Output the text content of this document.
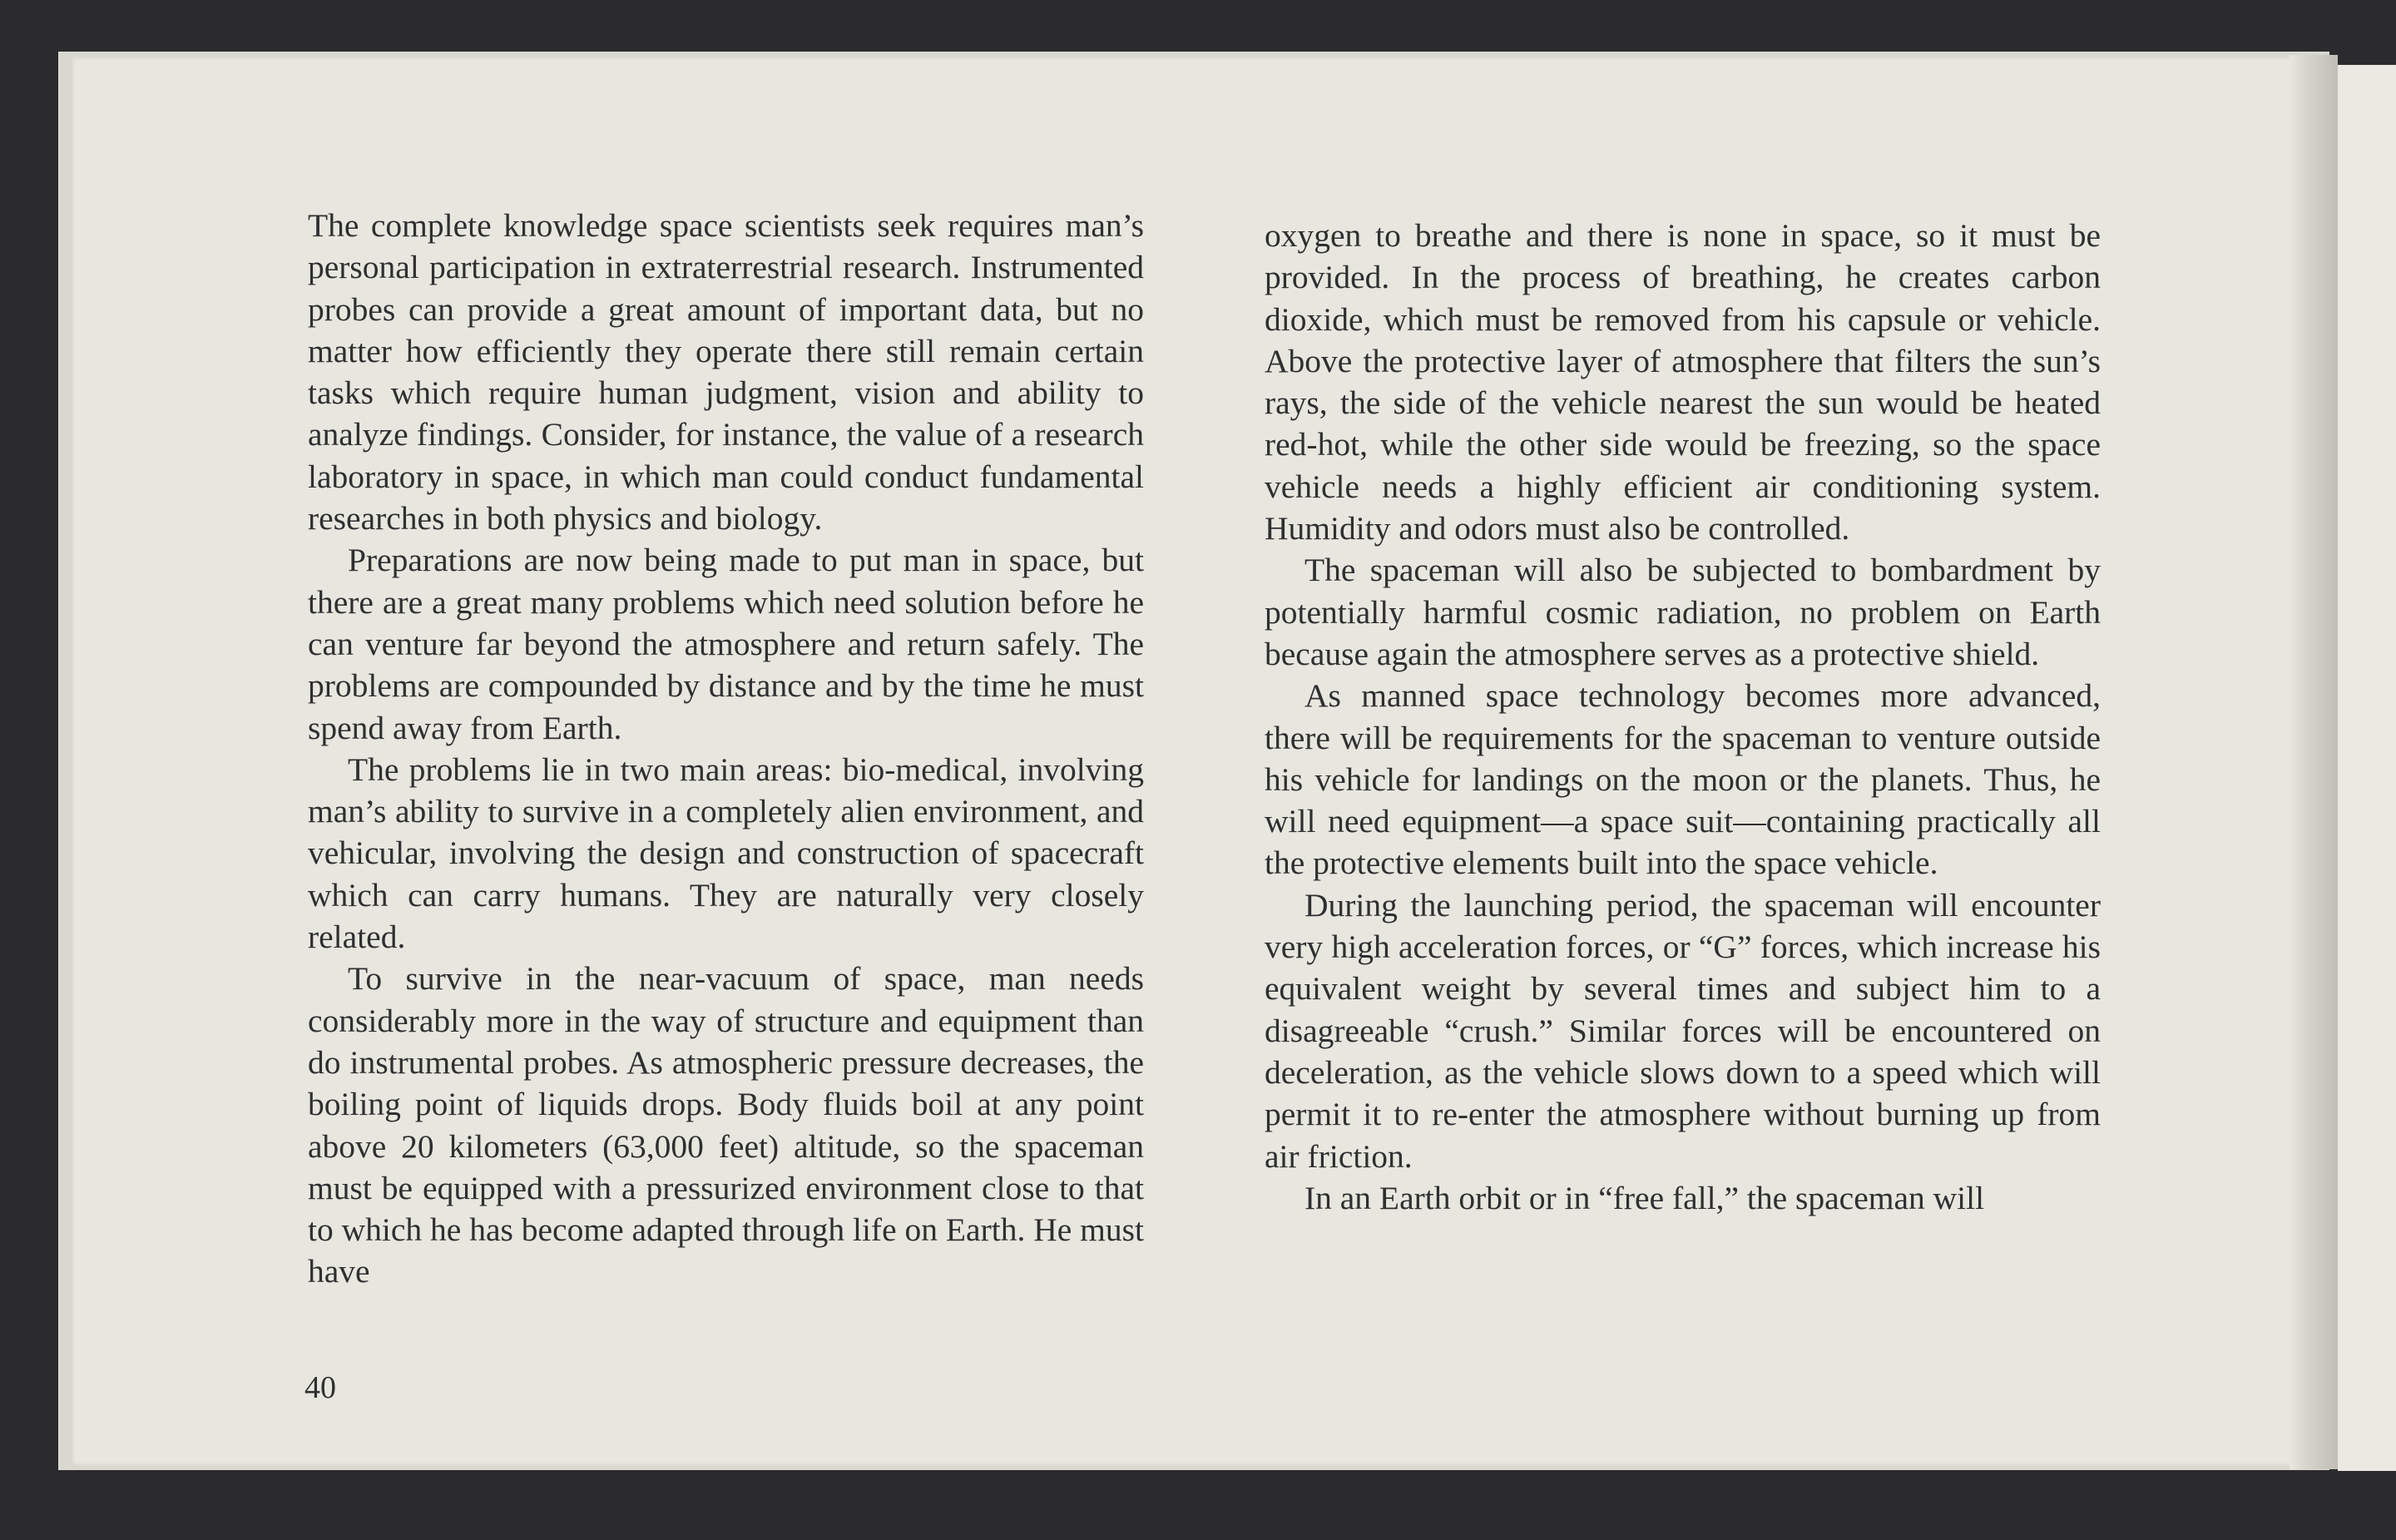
The complete knowledge space scientists seek requires man’s personal participation in extraterrestrial research. Instrumented probes can provide a great amount of important data, but no matter how efficiently they operate there still remain certain tasks which require human judgment, vision and ability to analyze findings. Consider, for instance, the value of a research laboratory in space, in which man could conduct fundamental researches in both physics and biology.

Preparations are now being made to put man in space, but there are a great many problems which need solution before he can venture far beyond the atmosphere and return safely. The problems are compounded by distance and by the time he must spend away from Earth.

The problems lie in two main areas: bio-medical, involving man’s ability to survive in a completely alien environment, and vehicular, involving the design and construction of spacecraft which can carry humans. They are naturally very closely related.

To survive in the near-vacuum of space, man needs considerably more in the way of structure and equipment than do instrumental probes. As atmospheric pressure decreases, the boiling point of liquids drops. Body fluids boil at any point above 20 kilometers (63,000 feet) altitude, so the spaceman must be equipped with a pressurized environment close to that to which he has become adapted through life on Earth. He must have

oxygen to breathe and there is none in space, so it must be provided. In the process of breathing, he creates carbon dioxide, which must be removed from his capsule or vehicle. Above the protective layer of atmosphere that filters the sun’s rays, the side of the vehicle nearest the sun would be heated red-hot, while the other side would be freezing, so the space vehicle needs a highly efficient air conditioning system. Humidity and odors must also be controlled.

The spaceman will also be subjected to bombardment by potentially harmful cosmic radiation, no problem on Earth because again the atmosphere serves as a protective shield.

As manned space technology becomes more advanced, there will be requirements for the spaceman to venture outside his vehicle for landings on the moon or the planets. Thus, he will need equipment—a space suit—containing practically all the protective elements built into the space vehicle.

During the launching period, the spaceman will encounter very high acceleration forces, or “G” forces, which increase his equivalent weight by several times and subject him to a disagreeable “crush.” Similar forces will be encountered on deceleration, as the vehicle slows down to a speed which will permit it to re-enter the atmosphere without burning up from air friction.

In an Earth orbit or in “free fall,” the spaceman will

40
